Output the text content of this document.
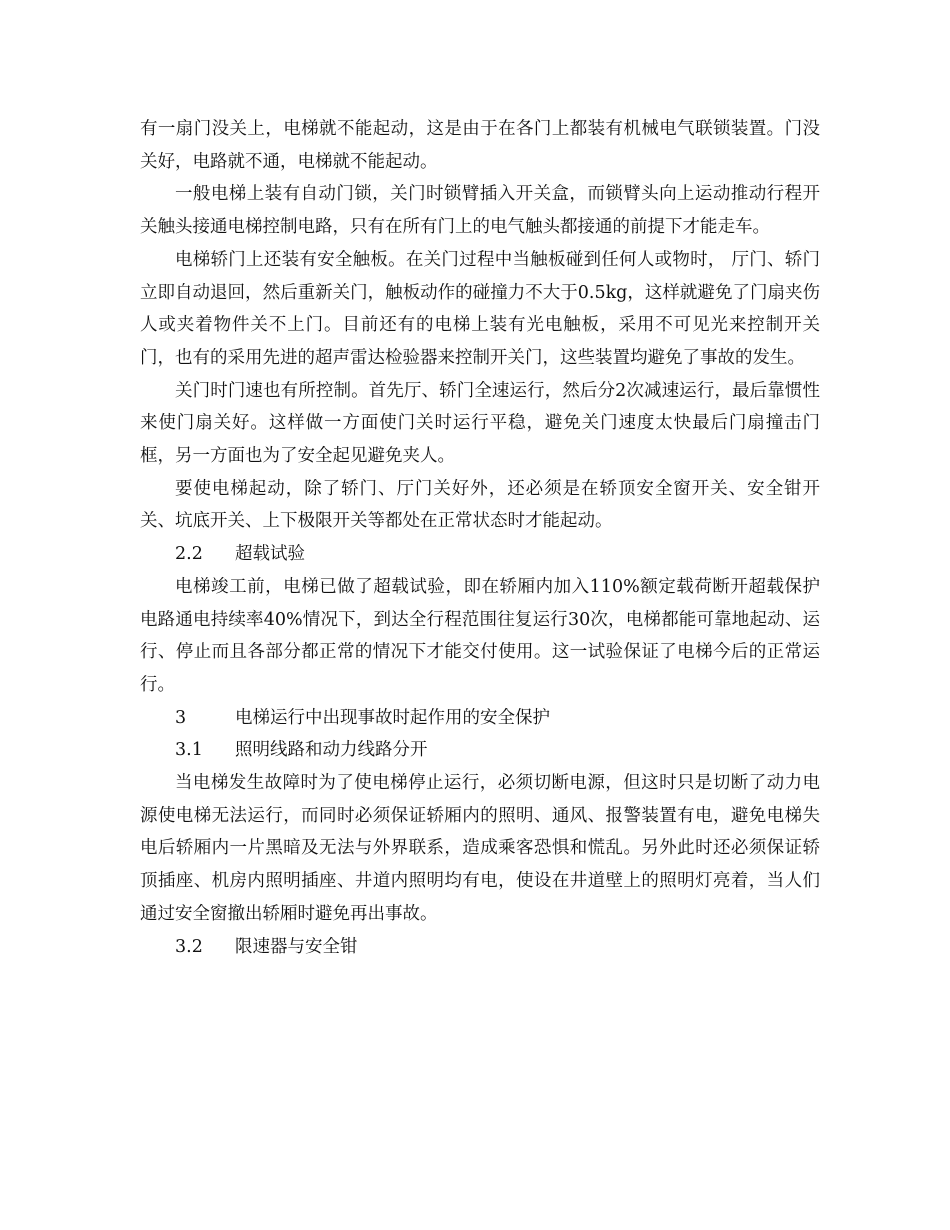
有一扇门没关上，电梯就不能起动，这是由于在各门上都装有机械电气联锁装置。门没关好，电路就不通，电梯就不能起动。

一般电梯上装有自动门锁，关门时锁臂插入开关盒，而锁臂头向上运动推动行程开关触头接通电梯控制电路，只有在所有门上的电气触头都接通的前提下才能走车。

电梯轿门上还装有安全触板。在关门过程中当触板碰到任何人或物时， 厅门、轿门立即自动退回，然后重新关门，触板动作的碰撞力不大于0.5kg，这样就避免了门扇夹伤人或夹着物件关不上门。目前还有的电梯上装有光电触板，采用不可见光来控制开关门，也有的采用先进的超声雷达检验器来控制开关门，这些装置均避免了事故的发生。

关门时门速也有所控制。首先厅、轿门全速运行，然后分2次减速运行，最后靠惯性来使门扇关好。这样做一方面使门关时运行平稳，避免关门速度太快最后门扇撞击门框，另一方面也为了安全起见避免夹人。

要使电梯起动，除了轿门、厅门关好外，还必须是在轿顶安全窗开关、安全钳开关、坑底开关、上下极限开关等都处在正常状态时才能起动。

2.2 超载试验

电梯竣工前，电梯已做了超载试验，即在轿厢内加入110%额定载荷断开超载保护电路通电持续率40%情况下，到达全行程范围往复运行30次，电梯都能可靠地起动、运行、停止而且各部分都正常的情况下才能交付使用。这一试验保证了电梯今后的正常运行。

3	电梯运行中出现事故时起作用的安全保护

3.1 照明线路和动力线路分开

当电梯发生故障时为了使电梯停止运行，必须切断电源，但这时只是切断了动力电源使电梯无法运行，而同时必须保证轿厢内的照明、通风、报警装置有电，避免电梯失电后轿厢内一片黑暗及无法与外界联系，造成乘客恐惧和慌乱。另外此时还必须保证轿顶插座、机房内照明插座、井道内照明均有电，使设在井道壁上的照明灯亮着，当人们通过安全窗撤出轿厢时避免再出事故。

3.2 限速器与安全钳
